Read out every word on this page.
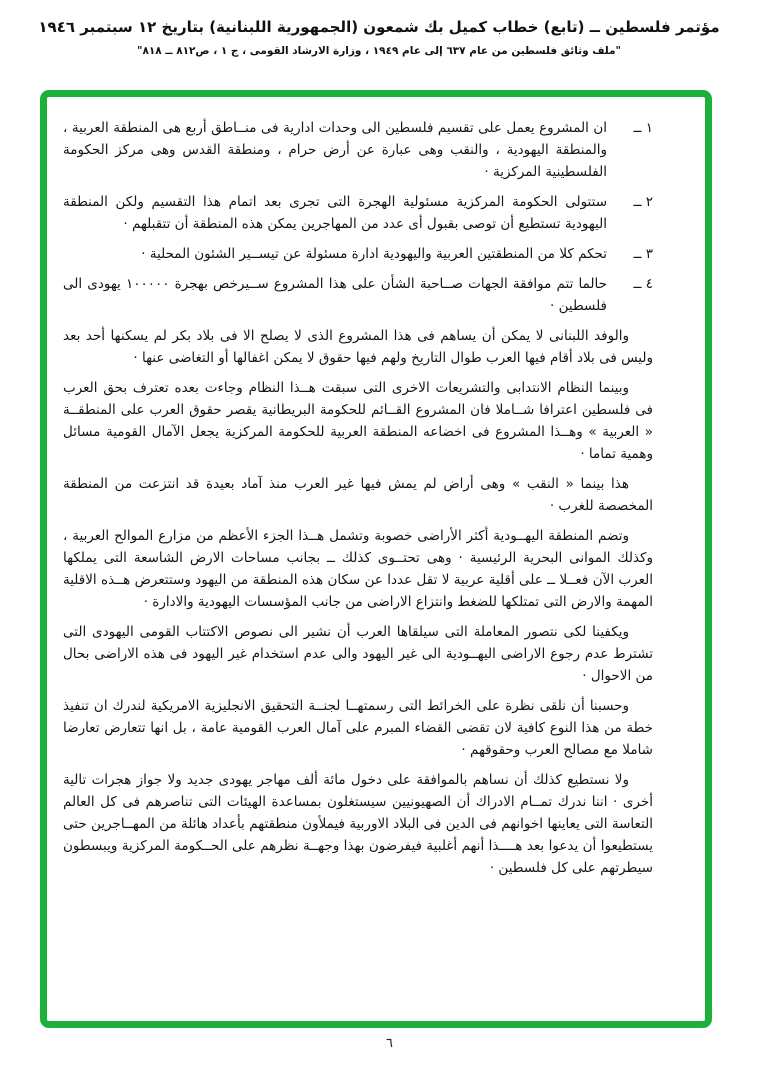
مؤتمر فلسطين ــ (تابع) خطاب كميل بك شمعون (الجمهورية اللبنانية) بتاريخ ١٢ سبتمبر ١٩٤٦
"ملف وثائق فلسطين من عام ٦٣٧ إلى عام ١٩٤٩ ، وزارة الارشاد القومى ، ج ١ ، ص٨١٢ ــ ٨١٨"

١ ــان المشروع يعمل على تقسيم فلسطين الى وحدات ادارية فى منــاطق أربع هى المنطقة العربية ، والمنطقة اليهودية ، والنقب وهى عبارة عن أرض حرام ، ومنطقة القدس وهى مركز الحكومة الفلسطينية المركزية ·

٢ ــستتولى الحكومة المركزية مسئولية الهجرة التى تجرى بعد اتمام هذا التقسيم ولكن المنطقة اليهودية تستطيع أن توصى بقبول أى عدد من المهاجرين يمكن هذه المنطقة أن تتقبلهم ·

٣ ــتحكم كلا من المنطقتين العربية واليهودية ادارة مسئولة عن تيســير الشئون المحلية ·

٤ ــحالما تتم موافقة الجهات صــاحبة الشأن على هذا المشروع ســيرخص بهجرة ١٠٠٠٠٠ يهودى الى فلسطين ·

والوفد اللبنانى لا يمكن أن يساهم فى هذا المشروع الذى لا يصلح الا فى بلاد بكر لم يسكنها أحد بعد وليس فى بلاد أقام فيها العرب طوال التاريخ ولهم فيها حقوق لا يمكن اغفالها أو التغاضى عنها ·

وبينما النظام الانتدابى والتشريعات الاخرى التى سبقت هــذا النظام وجاءت بعده تعترف بحق العرب فى فلسطين اعترافا شــاملا فان المشروع القــائم للحكومة البريطانية يقصر حقوق العرب على المنطقــة « العربية » وهــذا المشروع فى اخضاعه المنطقة العربية للحكومة المركزية يجعل الآمال القومية مسائل وهمية تماما ·

هذا بينما « النقب » وهى أراض لم يمش فيها غير العرب منذ آماد بعيدة قد انتزعت من المنطقة المخصصة للغرب ·

وتضم المنطقة اليهــودية أكثر الأراضى خصوبة وتشمل هــذا الجزء الأعظم من مزارع الموالح العربية ، وكذلك الموانى البحرية الرئيسية · وهى تحتــوى كذلك ــ بجانب مساحات الارض الشاسعة التى يملكها العرب الآن فعــلا ــ على أقلية عربية لا تقل عددا عن سكان هذه المنطقة من اليهود وستتعرض هــذه الاقلية المهمة والارض التى تمتلكها للضغط وانتزاع الاراضى من جانب المؤسسات اليهودية والادارة ·

ويكفينا لكى نتصور المعاملة التى سيلقاها العرب أن نشير الى نصوص الاكتتاب القومى اليهودى التى تشترط عدم رجوع الاراضى اليهــودية الى غير اليهود والى عدم استخدام غير اليهود فى هذه الاراضى بحال من الاحوال ·

وحسبنا أن نلقى نظرة على الخرائط التى رسمتهــا لجنــة التحقيق الانجليزية الامريكية لندرك ان تنفيذ خطة من هذا النوع كافية لان تقضى القضاء المبرم على آمال العرب القومية عامة ، بل انها تتعارض تعارضا شاملا مع مصالح العرب وحقوقهم ·

ولا نستطيع كذلك أن نساهم بالموافقة على دخول مائة ألف مهاجر يهودى جديد ولا جواز هجرات تالية أخرى · اننا ندرك تمــام الادراك أن الصهيونيين سيستغلون بمساعدة الهيئات التى تناصرهم فى كل العالم التعاسة التى يعاينها اخوانهم فى الدين فى البلاد الاوربية فيملأون منطقتهم بأعداد هائلة من المهــاجرين حتى يستطيعوا أن يدعوا بعد هــــذا أنهم أغلبية فيفرضون بهذا وجهــة نظرهم على الحــكومة المركزية ويبسطون سيطرتهم على كل فلسطين ·

٦
